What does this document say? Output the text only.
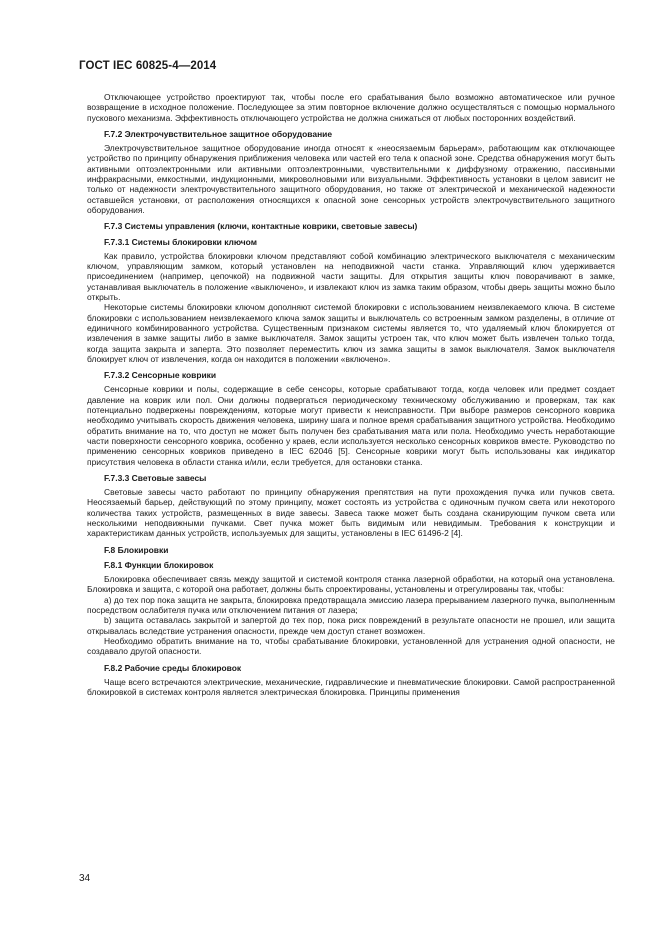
ГОСТ IEC 60825-4—2014

Отключающее устройство проектируют так, чтобы после его срабатывания было возможно автоматическое или ручное возвращение в исходное положение. Последующее за этим повторное включение должно осуществляться с помощью нормального пускового механизма. Эффективность отключающего устройства не должна снижаться от любых посторонних воздействий.

F.7.2 Электрочувствительное защитное оборудование

Электрочувствительное защитное оборудование иногда относят к «неосязаемым барьерам», работающим как отключающее устройство по принципу обнаружения приближения человека или частей его тела к опасной зоне. Средства обнаружения могут быть активными оптоэлектронными или активными оптоэлектронными, чувствительными к диффузному отражению, пассивными инфракрасными, емкостными, индукционными, микроволновыми или визуальными. Эффективность установки в целом зависит не только от надежности электрочувствительного защитного оборудования, но также от электрической и механической надежности оставшейся установки, от расположения относящихся к опасной зоне сенсорных устройств электрочувствительного защитного оборудования.

F.7.3 Системы управления (ключи, контактные коврики, световые завесы)
F.7.3.1 Системы блокировки ключом

Как правило, устройства блокировки ключом представляют собой комбинацию электрического выключателя с механическим ключом, управляющим замком, который установлен на неподвижной части станка. Управляющий ключ удерживается присоединением (например, цепочкой) на подвижной части защиты. Для открытия защиты ключ поворачивают в замке, устанавливая выключатель в положение «выключено», и извлекают ключ из замка таким образом, чтобы дверь защиты можно было открыть.

Некоторые системы блокировки ключом дополняют системой блокировки с использованием неизвлекаемого ключа. В системе блокировки с использованием неизвлекаемого ключа замок защиты и выключатель со встроенным замком разделены, в отличие от единичного комбинированного устройства. Существенным признаком системы является то, что удаляемый ключ блокируется от извлечения в замке защиты либо в замке выключателя. Замок защиты устроен так, что ключ может быть извлечен только тогда, когда защита закрыта и заперта. Это позволяет переместить ключ из замка защиты в замок выключателя. Замок выключателя блокирует ключ от извлечения, когда он находится в положении «включено».

F.7.3.2 Сенсорные коврики

Сенсорные коврики и полы, содержащие в себе сенсоры, которые срабатывают тогда, когда человек или предмет создает давление на коврик или пол. Они должны подвергаться периодическому техническому обслуживанию и проверкам, так как потенциально подвержены повреждениям, которые могут привести к неисправности. При выборе размеров сенсорного коврика необходимо учитывать скорость движения человека, ширину шага и полное время срабатывания защитного устройства. Необходимо обратить внимание на то, что доступ не может быть получен без срабатывания мата или пола. Необходимо учесть неработающие части поверхности сенсорного коврика, особенно у краев, если используется несколько сенсорных ковриков вместе. Руководство по применению сенсорных ковриков приведено в IEC 62046 [5]. Сенсорные коврики могут быть использованы как индикатор присутствия человека в области станка и/или, если требуется, для остановки станка.

F.7.3.3 Световые завесы

Световые завесы часто работают по принципу обнаружения препятствия на пути прохождения пучка или пучков света. Неосязаемый барьер, действующий по этому принципу, может состоять из устройства с одиночным пучком света или некоторого количества таких устройств, размещенных в виде завесы. Завеса также может быть создана сканирующим пучком света или несколькими неподвижными пучками. Свет пучка может быть видимым или невидимым. Требования к конструкции и характеристикам данных устройств, используемых для защиты, установлены в IEC 61496-2 [4].

F.8 Блокировки
F.8.1 Функции блокировок

Блокировка обеспечивает связь между защитой и системой контроля станка лазерной обработки, на который она установлена. Блокировка и защита, с которой она работает, должны быть спроектированы, установлены и отрегулированы так, чтобы:

a) до тех пор пока защита не закрыта, блокировка предотвращала эмиссию лазера прерыванием лазерного пучка, выполненным посредством ослабителя пучка или отключением питания от лазера;

b) защита оставалась закрытой и запертой до тех пор, пока риск повреждений в результате опасности не прошел, или защита открывалась вследствие устранения опасности, прежде чем доступ станет возможен.

Необходимо обратить внимание на то, чтобы срабатывание блокировки, установленной для устранения одной опасности, не создавало другой опасности.

F.8.2 Рабочие среды блокировок

Чаще всего встречаются электрические, механические, гидравлические и пневматические блокировки. Самой распространенной блокировкой в системах контроля является электрическая блокировка. Принципы применения

34
